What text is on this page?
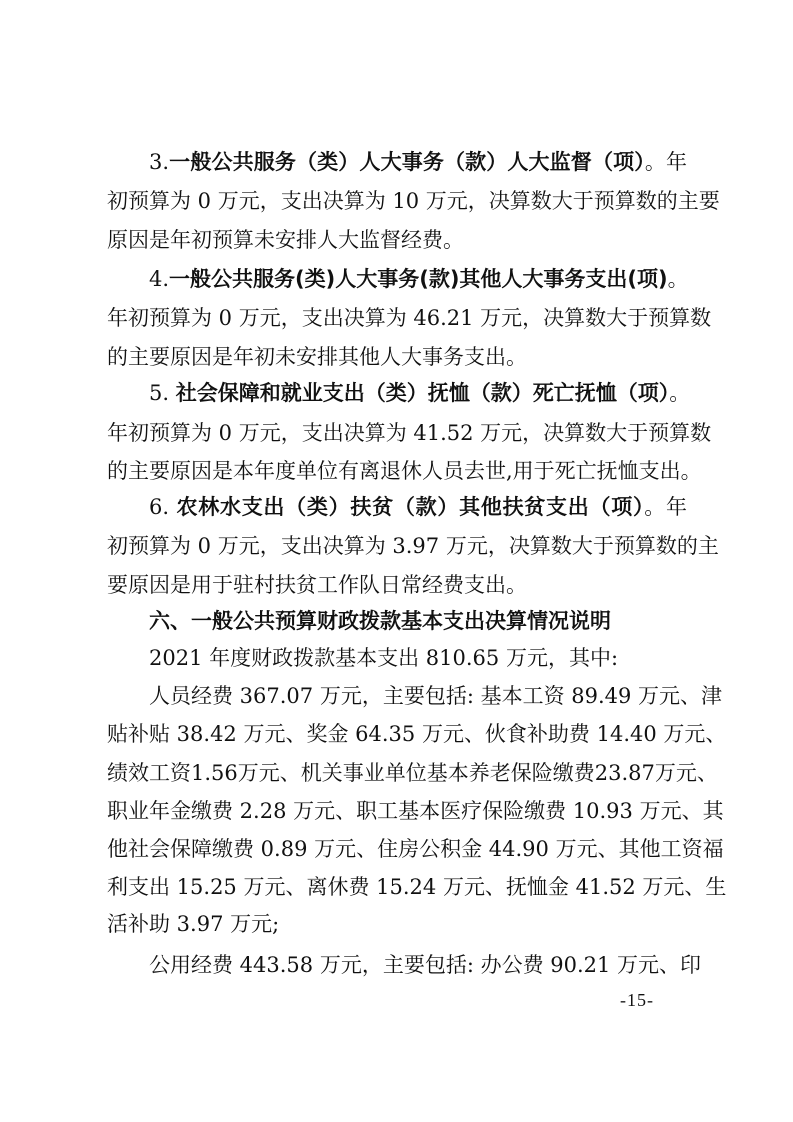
3.一般公共服务（类）人大事务（款）人大监督（项）。年
初预算为 0 万元，支出决算为 10 万元，决算数大于预算数的主要
原因是年初预算未安排人大监督经费。
4.一般公共服务(类)人大事务(款)其他人大事务支出(项)。
年初预算为 0 万元，支出决算为 46.21 万元，决算数大于预算数
的主要原因是年初未安排其他人大事务支出。
5. 社会保障和就业支出（类）抚恤（款）死亡抚恤（项）。
年初预算为 0 万元，支出决算为 41.52 万元，决算数大于预算数
的主要原因是本年度单位有离退休人员去世,用于死亡抚恤支出。
6. 农林水支出（类）扶贫（款）其他扶贫支出（项）。年
初预算为 0 万元，支出决算为 3.97 万元，决算数大于预算数的主
要原因是用于驻村扶贫工作队日常经费支出。
六、一般公共预算财政拨款基本支出决算情况说明
2021 年度财政拨款基本支出 810.65 万元，其中:
人员经费 367.07 万元，主要包括: 基本工资 89.49 万元、津
贴补贴 38.42 万元、奖金 64.35 万元、伙食补助费 14.40 万元、
绩效工资1.56万元、机关事业单位基本养老保险缴费23.87万元、
职业年金缴费 2.28 万元、职工基本医疗保险缴费 10.93 万元、其
他社会保障缴费 0.89 万元、住房公积金 44.90 万元、其他工资福
利支出 15.25 万元、离休费 15.24 万元、抚恤金 41.52 万元、生
活补助 3.97 万元;
公用经费 443.58 万元，主要包括: 办公费 90.21 万元、印
-15-
